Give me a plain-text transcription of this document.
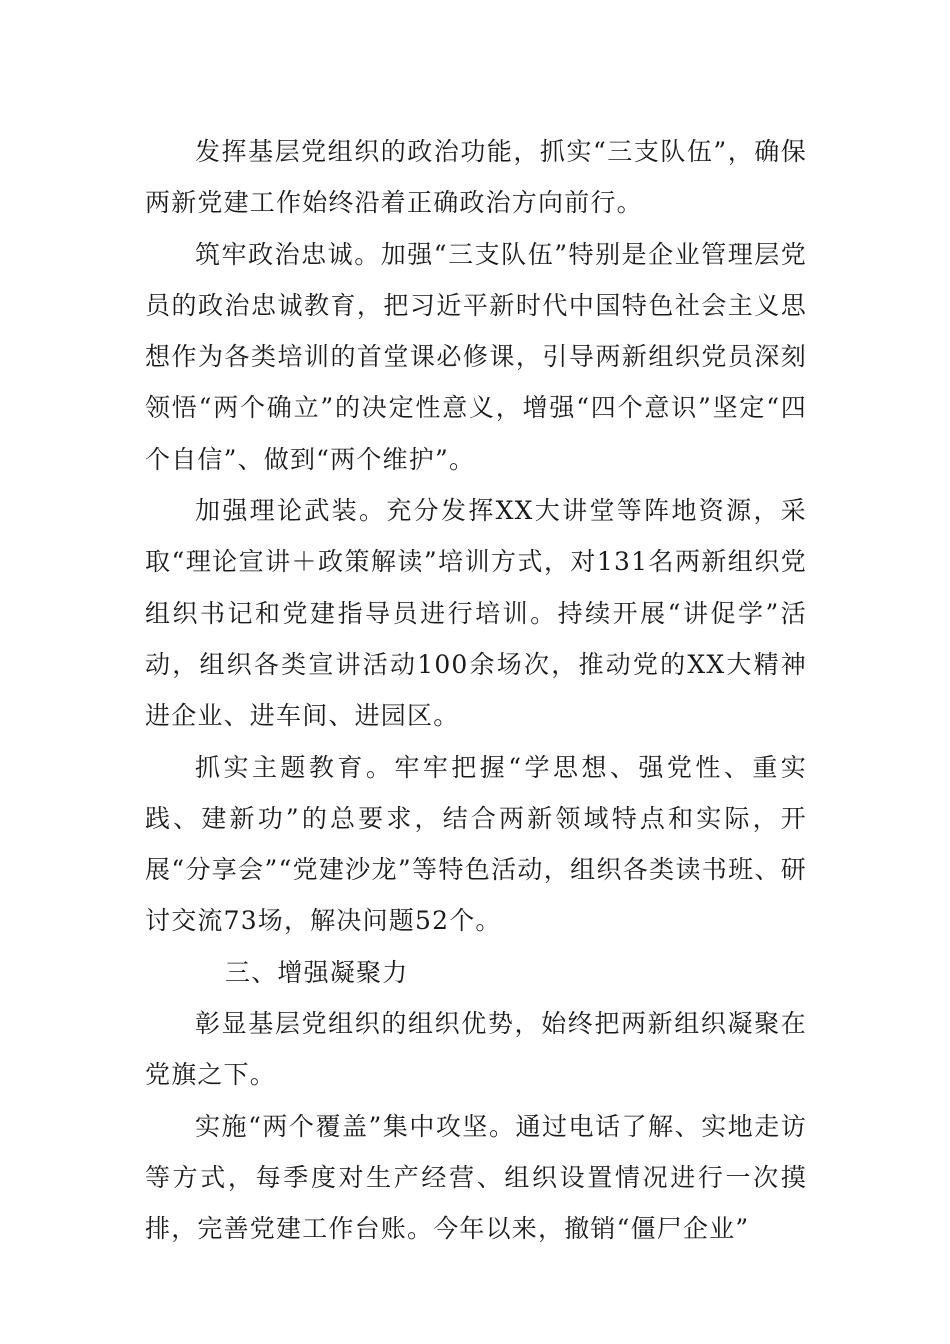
发挥基层党组织的政治功能，抓实“三支队伍”，确保两新党建工作始终沿着正确政治方向前行。

筑牢政治忠诚。加强“三支队伍”特别是企业管理层党员的政治忠诚教育，把习近平新时代中国特色社会主义思想作为各类培训的首堂课必修课，引导两新组织党员深刻领悟“两个确立”的决定性意义，增强“四个意识”坚定“四个自信”、做到“两个维护”。

加强理论武装。充分发挥XX大讲堂等阵地资源，采取“理论宣讲＋政策解读”培训方式，对131名两新组织党组织书记和党建指导员进行培训。持续开展“讲促学”活动，组织各类宣讲活动100余场次，推动党的XX大精神进企业、进车间、进园区。

抓实主题教育。牢牢把握“学思想、强党性、重实践、建新功”的总要求，结合两新领域特点和实际，开展“分享会”“党建沙龙”等特色活动，组织各类读书班、研讨交流73场，解决问题52个。

三、增强凝聚力

彰显基层党组织的组织优势，始终把两新组织凝聚在党旗之下。

实施“两个覆盖”集中攻坚。通过电话了解、实地走访等方式，每季度对生产经营、组织设置情况进行一次摸排，完善党建工作台账。今年以来，撤销“僵尸企业”
